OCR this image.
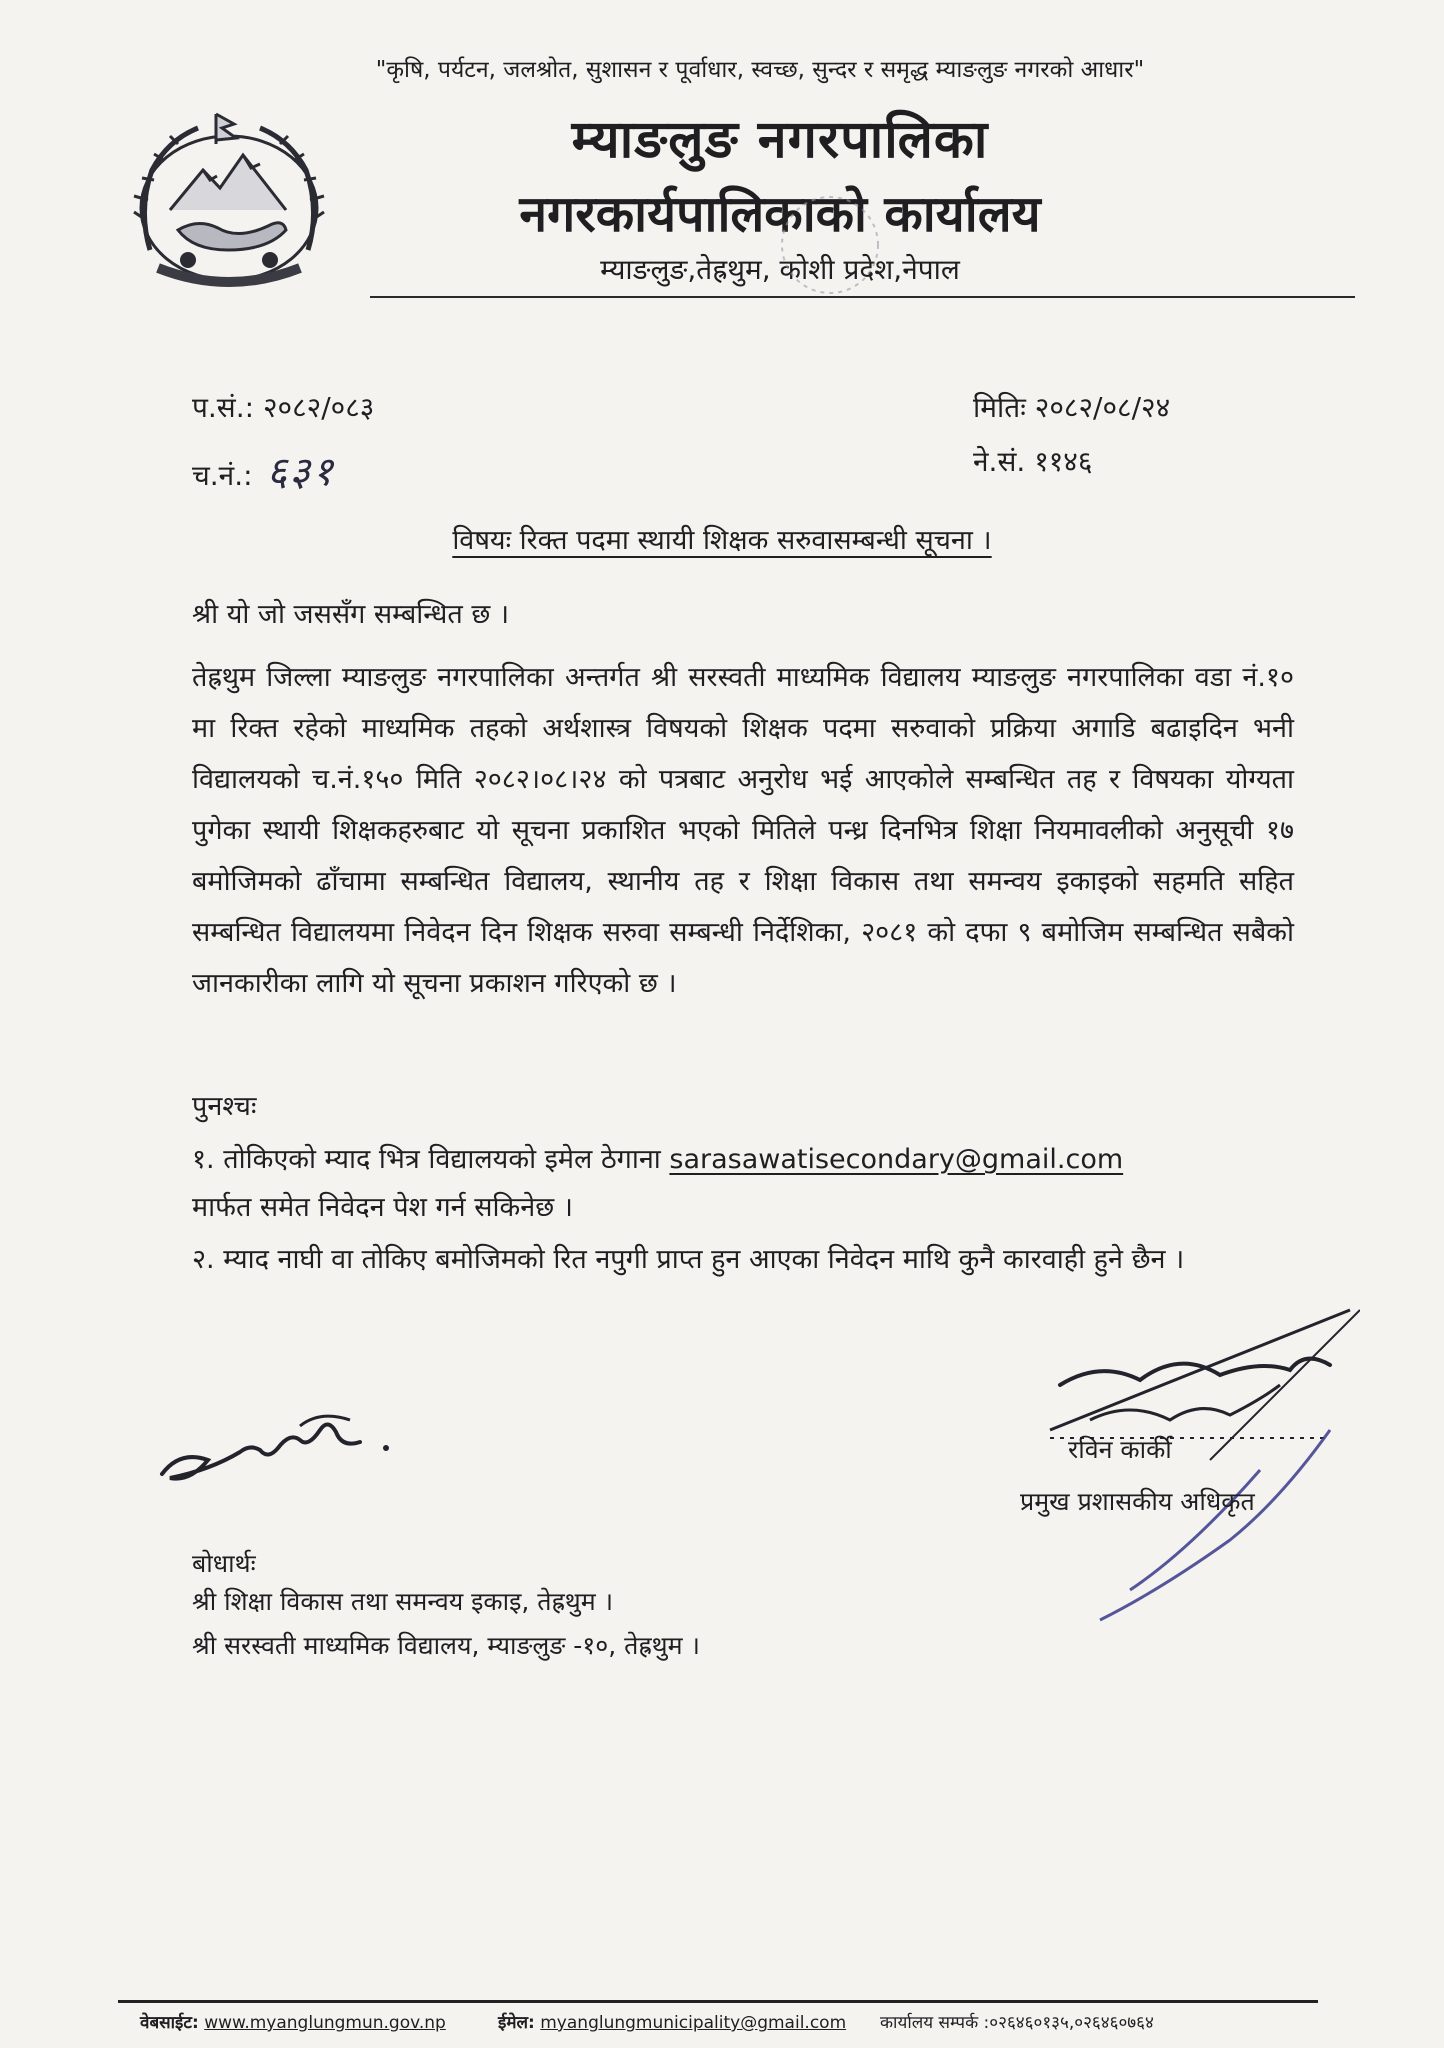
"कृषि, पर्यटन, जलश्रोत, सुशासन र पूर्वाधार, स्वच्छ, सुन्दर र समृद्ध म्याङलुङ नगरको आधार"
म्याङलुङ नगरपालिका
नगरकार्यपालिकाको कार्यालय
म्याङलुङ,तेह्रथुम, कोशी प्रदेश,नेपाल
प.सं.: २०८२/०८३
च.नं.: ६३१
मितिः २०८२/०८/२४
ने.सं. ११४६
विषयः रिक्त पदमा स्थायी शिक्षक सरुवासम्बन्धी सूचना ।
श्री यो जो जससँग सम्बन्धित छ ।
तेह्रथुम जिल्ला म्याङलुङ नगरपालिका अन्तर्गत श्री सरस्वती माध्यमिक विद्यालय म्याङलुङ नगरपालिका वडा नं.१० मा रिक्त रहेको माध्यमिक तहको अर्थशास्त्र विषयको शिक्षक पदमा सरुवाको प्रक्रिया अगाडि बढाइदिन भनी विद्यालयको च.नं.१५० मिति २०८२।०८।२४ को पत्रबाट अनुरोध भई आएकोले सम्बन्धित तह र विषयका योग्यता पुगेका स्थायी शिक्षकहरुबाट यो सूचना प्रकाशित भएको मितिले पन्ध्र दिनभित्र शिक्षा नियमावलीको अनुसूची १७ बमोजिमको ढाँचामा सम्बन्धित विद्यालय, स्थानीय तह र शिक्षा विकास तथा समन्वय इकाइको सहमति सहित सम्बन्धित विद्यालयमा निवेदन दिन शिक्षक सरुवा सम्बन्धी निर्देशिका, २०८१ को दफा ९ बमोजिम सम्बन्धित सबैको जानकारीका लागि यो सूचना प्रकाशन गरिएको छ ।
पुनश्चः
१. तोकिएको म्याद भित्र विद्यालयको इमेल ठेगाना sarasawatisecondary@gmail.com
मार्फत समेत निवेदन पेश गर्न सकिनेछ ।
२. म्याद नाघी वा तोकिए बमोजिमको रित नपुगी प्राप्त हुन आएका निवेदन माथि कुनै कारवाही हुने छैन ।
रविन कार्की
प्रमुख प्रशासकीय अधिकृत
बोधार्थः
श्री शिक्षा विकास तथा समन्वय इकाइ, तेह्रथुम ।
श्री सरस्वती माध्यमिक विद्यालय, म्याङलुङ -१०, तेह्रथुम ।
वेबसाईट: www.myanglungmun.gov.np	ईमेल: myanglungmunicipality@gmail.com कार्यालय सम्पर्क :०२६४६०१३५,०२६४६०७६४
